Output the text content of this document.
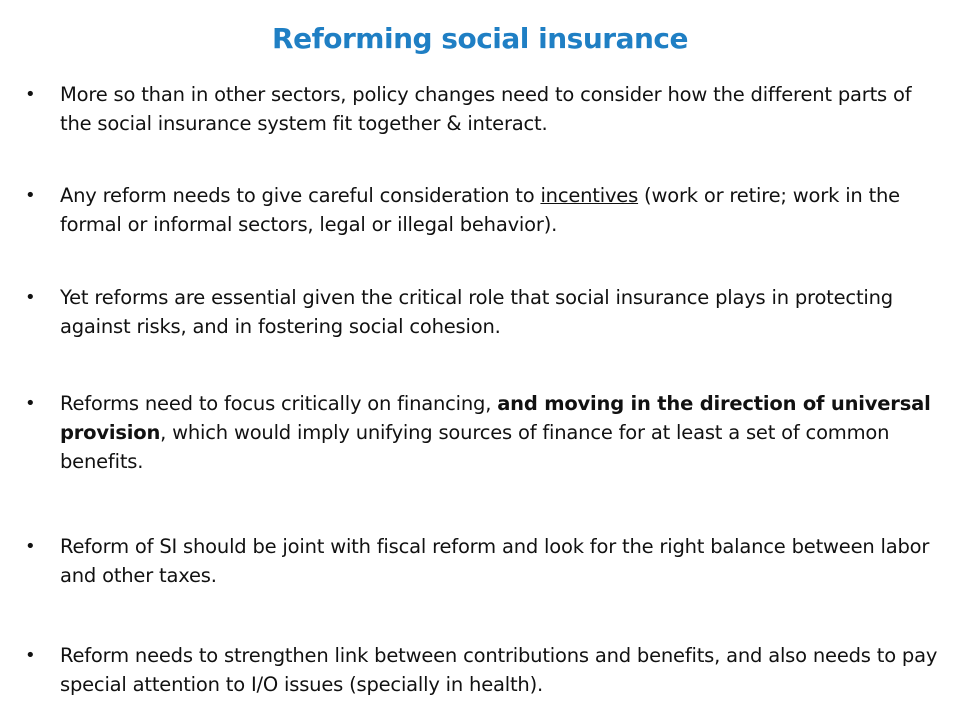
Reforming social insurance
• More so than in other sectors, policy changes need to consider how the different parts of the social insurance system fit together & interact.
• Any reform needs to give careful consideration to incentives (work or retire; work in the formal or informal sectors, legal or illegal behavior).
• Yet reforms are essential given the critical role that social insurance plays in protecting against risks, and in fostering social cohesion.
• Reforms need to focus critically on financing, and moving in the direction of universal provision, which would imply unifying sources of finance for at least a set of common benefits.
• Reform of SI should be joint with fiscal reform and look for the right balance between labor and other taxes.
• Reform needs to strengthen link between contributions and benefits, and also needs to pay special attention to I/O issues (specially in health).
